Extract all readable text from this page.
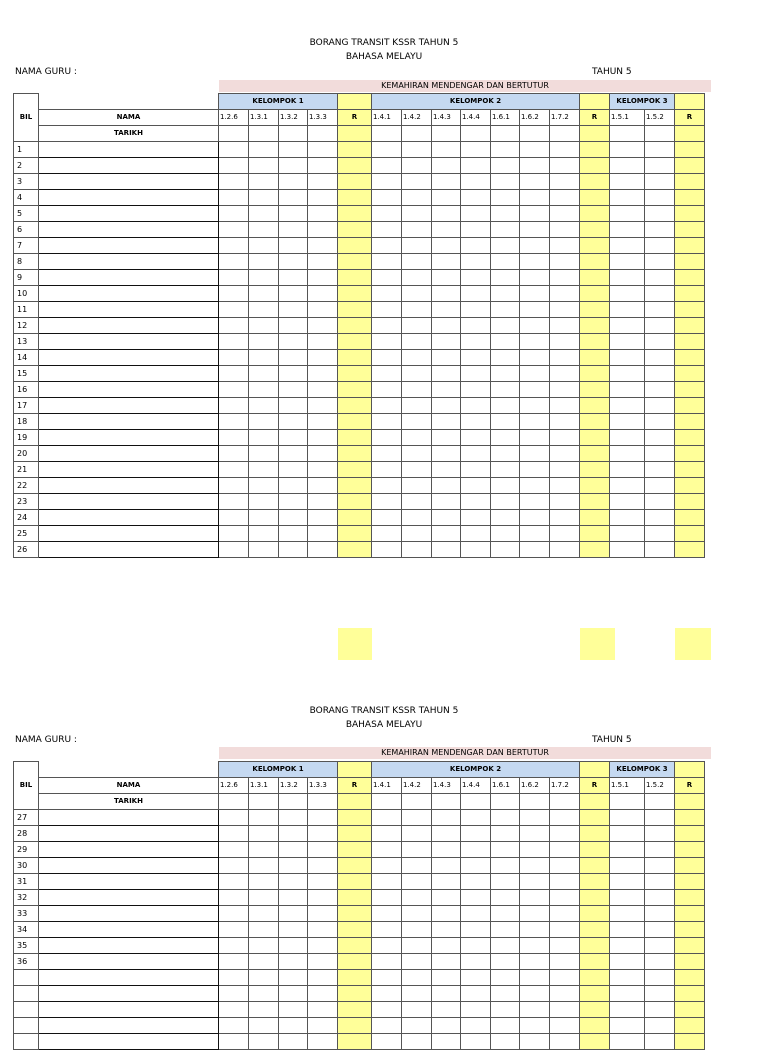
BORANG TRANSIT KSSR TAHUN 5
BAHASA MELAYU
NAMA GURU :	TAHUN 5
KEMAHIRAN MENDENGAR DAN BERTUTUR
BIL		KELOMPOK 1					KELOMPOK 2								KELOMPOK 3		
	NAMA	1.2.6	1.3.1	1.3.2	1.3.3	R	1.4.1	1.4.2	1.4.3	1.4.4	1.6.1	1.6.2	1.7.2	R	1.5.1	1.5.2	R
	TARIKH																
1																	
2																	
3																	
4																	
5																	
6																	
7																	
8																	
9																	
10																	
11																	
12																	
13																	
14																	
15																	
16																	
17																	
18																	
19																	
20																	
21																	
22																	
23																	
24																	
25																	
26																	
BORANG TRANSIT KSSR TAHUN 5
BAHASA MELAYU
NAMA GURU :	TAHUN 5
KEMAHIRAN MENDENGAR DAN BERTUTUR
BIL		KELOMPOK 1					KELOMPOK 2								KELOMPOK 3		
	NAMA	1.2.6	1.3.1	1.3.2	1.3.3	R	1.4.1	1.4.2	1.4.3	1.4.4	1.6.1	1.6.2	1.7.2	R	1.5.1	1.5.2	R
	TARIKH																
27																	
28																	
29																	
30																	
31																	
32																	
33																	
34																	
35																	
36																	
